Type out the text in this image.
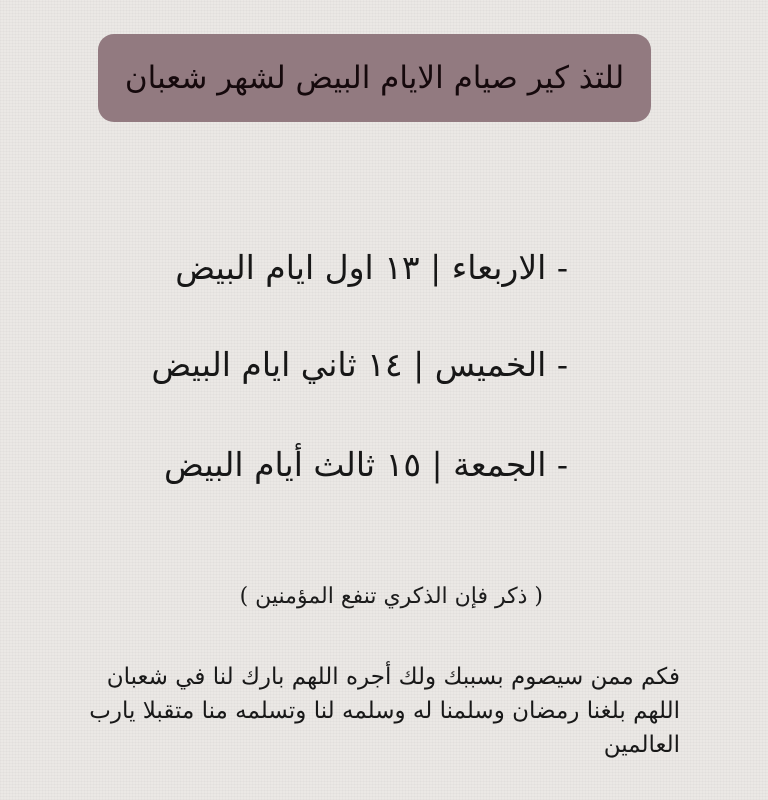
للتذ كير صيام الايام البيض لشهر شعبان
- الاربعاء | ١٣ اول ايام البيض
- الخميس | ١٤ ثاني ايام البيض
- الجمعة | ١٥ ثالث أيام البيض
( ذكر فإن الذكري تنفع المؤمنين )
فكم ممن سيصوم بسببك ولك أجره اللهم بارك لنا في شعبان
اللهم بلغنا رمضان وسلمنا له وسلمه لنا وتسلمه منا متقبلا يارب
العالمين
